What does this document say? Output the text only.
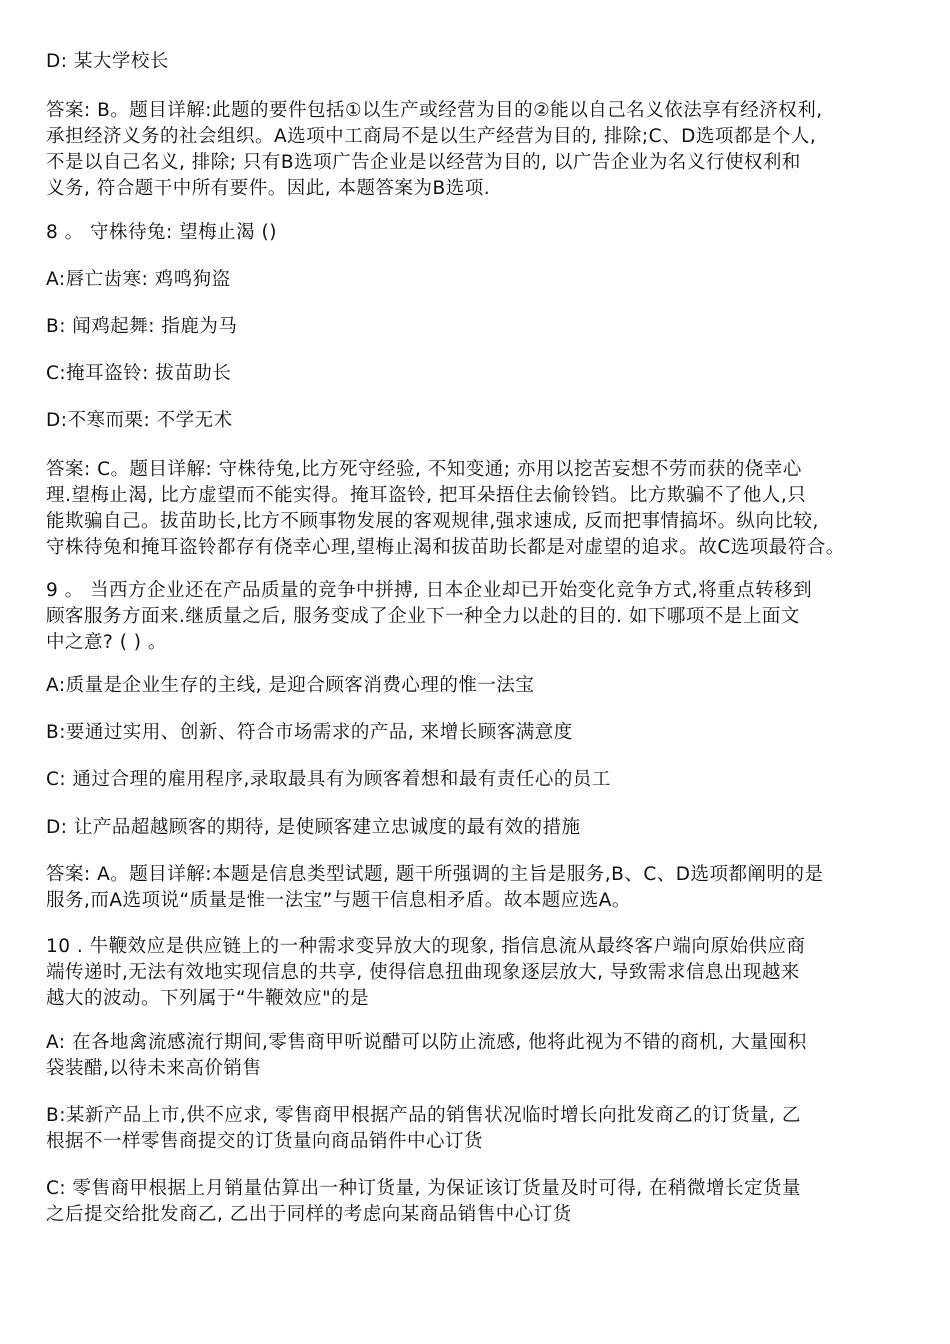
D: 某大学校长
答案: B。题目详解:此题的要件包括①以生产或经营为目的②能以自己名义依法享有经济权利,
承担经济义务的社会组织。A选项中工商局不是以生产经营为目的, 排除;C、D选项都是个人,
不是以自己名义, 排除; 只有B选项广告企业是以经营为目的, 以广告企业为名义行使权利和
义务, 符合题干中所有要件。因此, 本题答案为B选项.
8 。 守株待兔: 望梅止渴 ()
A:唇亡齿寒: 鸡鸣狗盗
B: 闻鸡起舞: 指鹿为马
C:掩耳盗铃: 拔苗助长
D:不寒而栗: 不学无术
答案: C。题目详解: 守株待兔,比方死守经验, 不知变通; 亦用以挖苦妄想不劳而获的侥幸心
理.望梅止渴, 比方虚望而不能实得。掩耳盗铃, 把耳朵捂住去偷铃铛。比方欺骗不了他人,只
能欺骗自己。拔苗助长,比方不顾事物发展的客观规律,强求速成, 反而把事情搞坏。纵向比较,
守株待兔和掩耳盗铃都存有侥幸心理,望梅止渴和拔苗助长都是对虚望的追求。故C选项最符合。
9 。 当西方企业还在产品质量的竞争中拼搏, 日本企业却已开始变化竞争方式,将重点转移到
顾客服务方面来.继质量之后, 服务变成了企业下一种全力以赴的目的. 如下哪项不是上面文
中之意? ( ) 。
A:质量是企业生存的主线, 是迎合顾客消费心理的惟一法宝
B:要通过实用、创新、符合市场需求的产品, 来增长顾客满意度
C: 通过合理的雇用程序,录取最具有为顾客着想和最有责任心的员工
D: 让产品超越顾客的期待, 是使顾客建立忠诚度的最有效的措施
答案: A。题目详解:本题是信息类型试题, 题干所强调的主旨是服务,B、C、D选项都阐明的是
服务,而A选项说“质量是惟一法宝”与题干信息相矛盾。故本题应选A。
10 . 牛鞭效应是供应链上的一种需求变异放大的现象, 指信息流从最终客户端向原始供应商
端传递时,无法有效地实现信息的共享, 使得信息扭曲现象逐层放大, 导致需求信息出现越来
越大的波动。下列属于“牛鞭效应"的是
A: 在各地禽流感流行期间,零售商甲听说醋可以防止流感, 他将此视为不错的商机, 大量囤积
袋装醋,以待未来高价销售
B:某新产品上市,供不应求, 零售商甲根据产品的销售状况临时增长向批发商乙的订货量, 乙
根据不一样零售商提交的订货量向商品销件中心订货
C: 零售商甲根据上月销量估算出一种订货量, 为保证该订货量及时可得, 在稍微增长定货量
之后提交给批发商乙, 乙出于同样的考虑向某商品销售中心订货
